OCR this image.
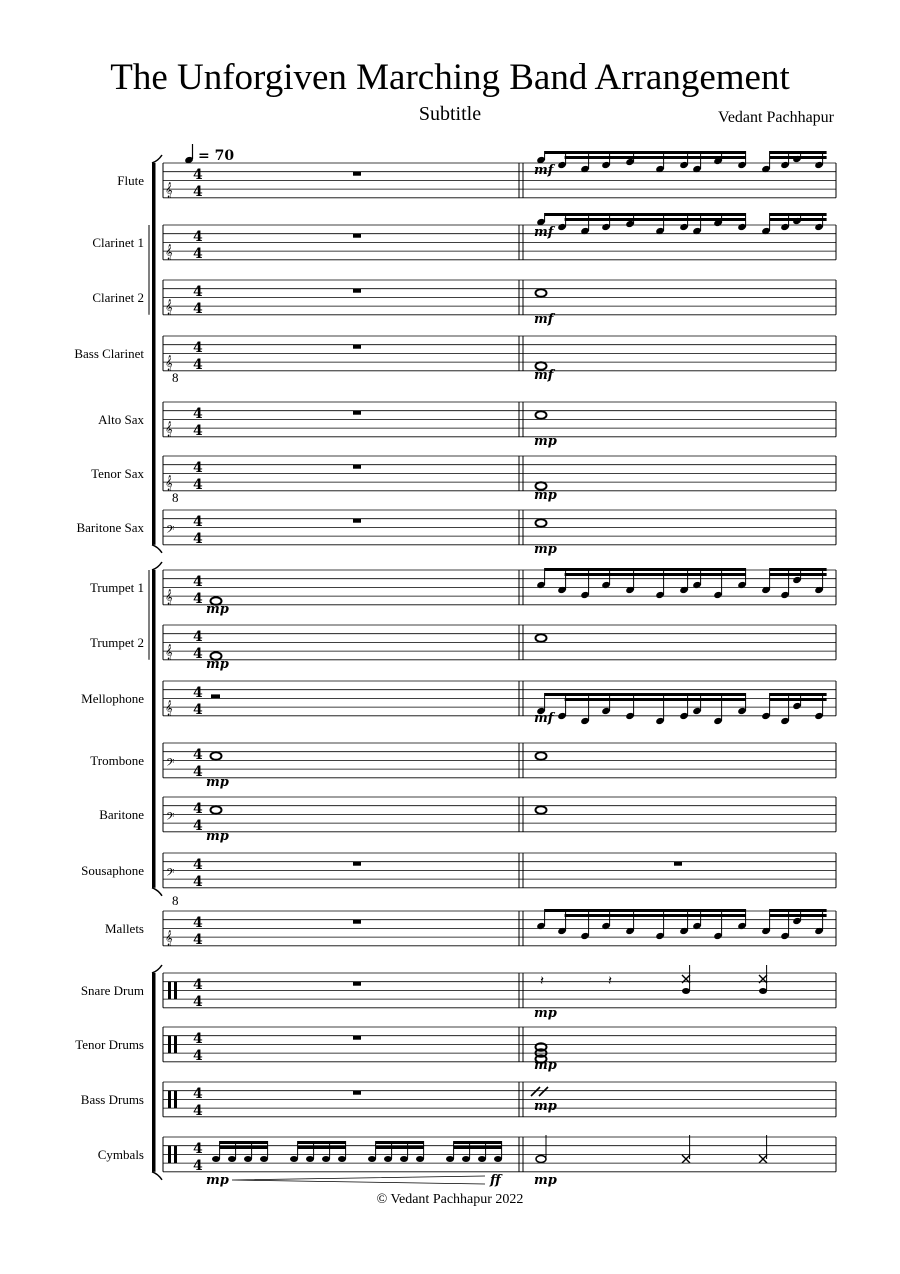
The Unforgiven Marching Band Arrangement
Subtitle	Vedant Pachhapur
© Vedant Pachhapur 2022
= 70
Flute
𝄞
4
4
mf
Clarinet 1
𝄞
4
4
mf
Clarinet 2
𝄞
4
4
mf
Bass Clarinet
𝄞
8
4
4
mf
Alto Sax
𝄞
4
4
mp
Tenor Sax
𝄞
8
4
4
mp
Baritone Sax 𝄢
4
4
mp
Trumpet 1
𝄞
4
4
mp
Trumpet 2
𝄞
4
4
mp
Mellophone
𝄞
4
4
mf
Trombone 𝄢
4
4
mp
Baritone 𝄢
4
4
mp
Sousaphone 𝄢
4
4
Mallets
𝄞
8
4
4
Snare Drum	4
4
𝄽	𝄽
mp
Tenor Drums	4
4
mp
Bass Drums	4
4	mp
Cymbals	4
4
mp	ff	mp
